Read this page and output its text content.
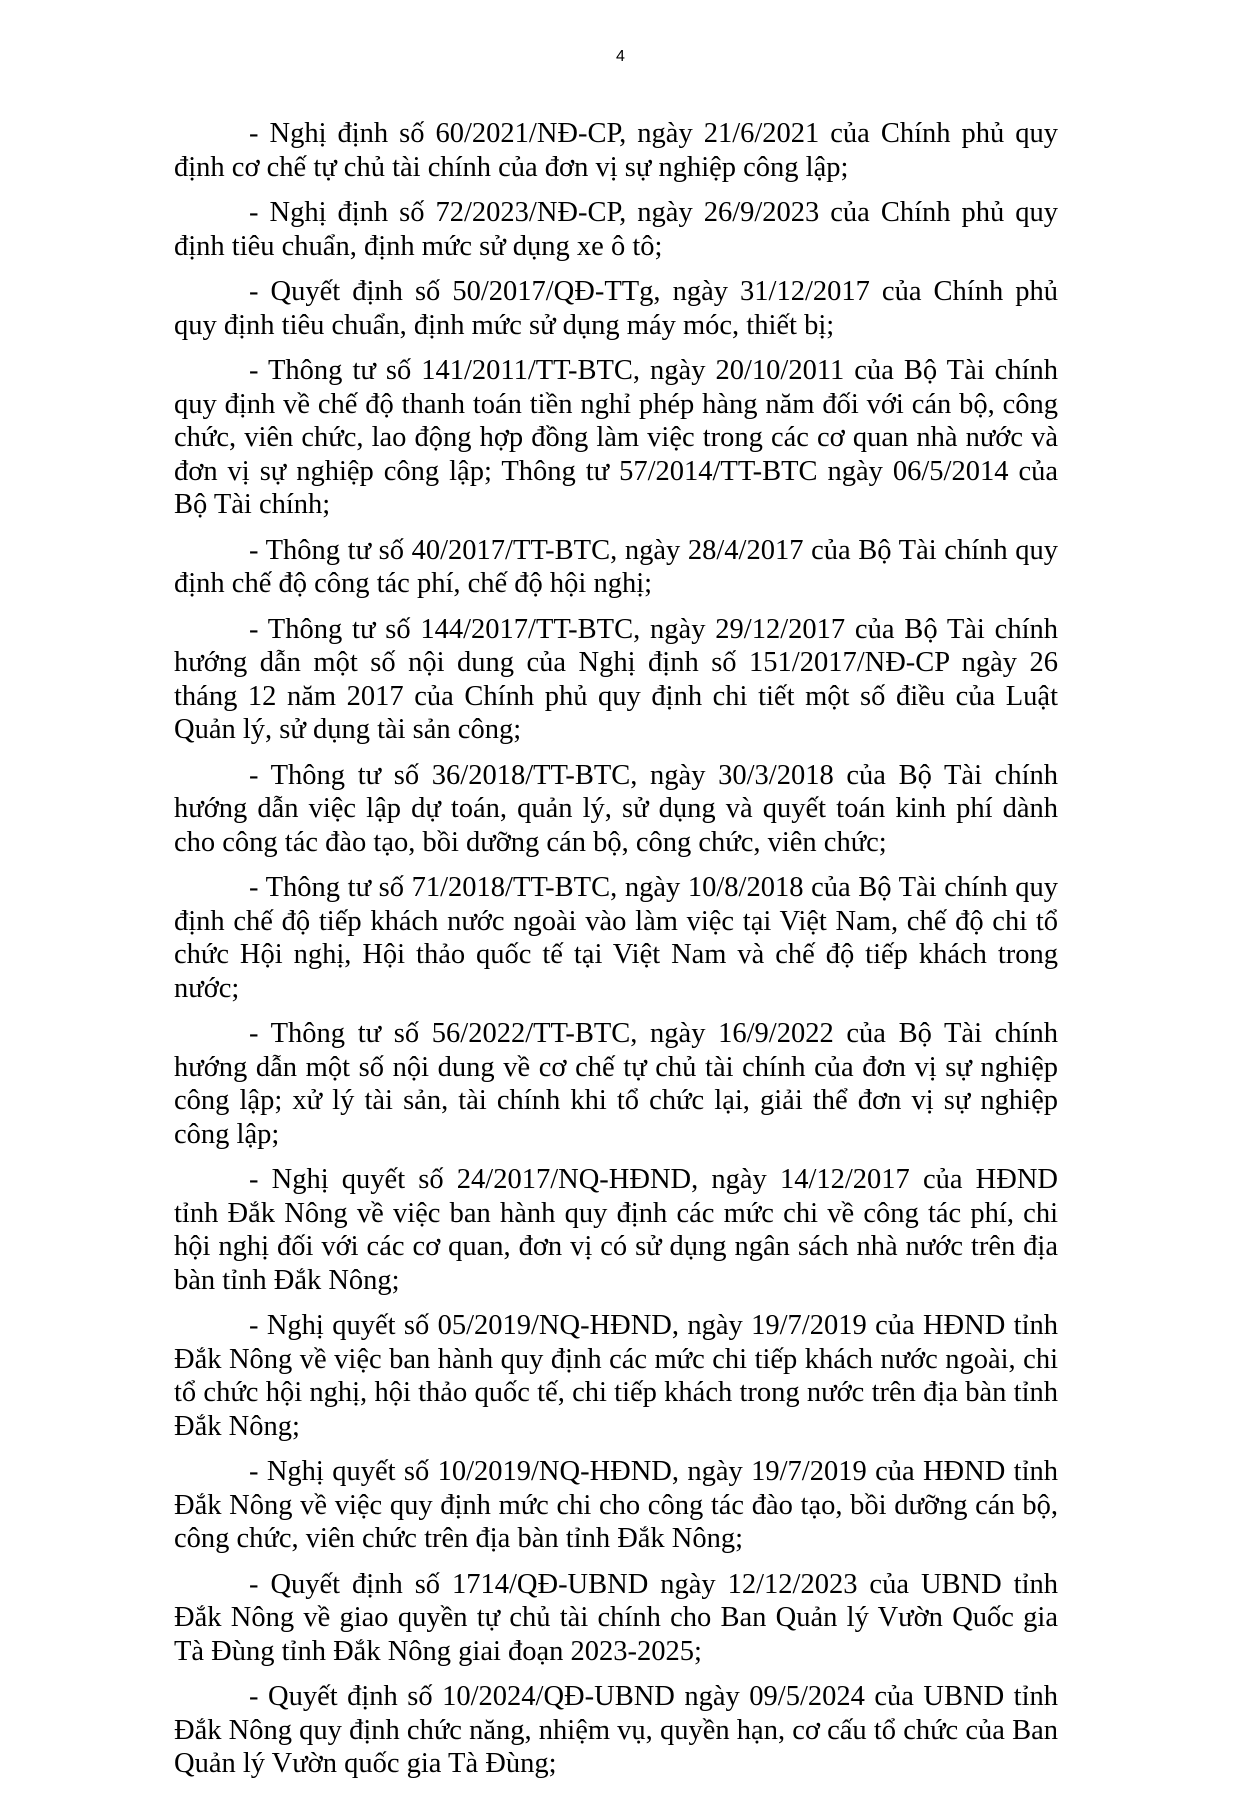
4

- Nghị định số 60/2021/NĐ-CP, ngày 21/6/2021 của Chính phủ quy định cơ chế tự chủ tài chính của đơn vị sự nghiệp công lập;

- Nghị định số 72/2023/NĐ-CP, ngày 26/9/2023 của Chính phủ quy định tiêu chuẩn, định mức sử dụng xe ô tô;

- Quyết định số 50/2017/QĐ-TTg, ngày 31/12/2017 của Chính phủ quy định tiêu chuẩn, định mức sử dụng máy móc, thiết bị;

- Thông tư số 141/2011/TT-BTC, ngày 20/10/2011 của Bộ Tài chính quy định về chế độ thanh toán tiền nghỉ phép hàng năm đối với cán bộ, công chức, viên chức, lao động hợp đồng làm việc trong các cơ quan nhà nước và đơn vị sự nghiệp công lập; Thông tư 57/2014/TT-BTC ngày 06/5/2014 của Bộ Tài chính;

- Thông tư số 40/2017/TT-BTC, ngày 28/4/2017 của Bộ Tài chính quy định chế độ công tác phí, chế độ hội nghị;

- Thông tư số 144/2017/TT-BTC, ngày 29/12/2017 của Bộ Tài chính hướng dẫn một số nội dung của Nghị định số 151/2017/NĐ-CP ngày 26 tháng 12 năm 2017 của Chính phủ quy định chi tiết một số điều của Luật Quản lý, sử dụng tài sản công;

- Thông tư số 36/2018/TT-BTC, ngày 30/3/2018 của Bộ Tài chính hướng dẫn việc lập dự toán, quản lý, sử dụng và quyết toán kinh phí dành cho công tác đào tạo, bồi dưỡng cán bộ, công chức, viên chức;

- Thông tư số 71/2018/TT-BTC, ngày 10/8/2018 của Bộ Tài chính quy định chế độ tiếp khách nước ngoài vào làm việc tại Việt Nam, chế độ chi tổ chức Hội nghị, Hội thảo quốc tế tại Việt Nam và chế độ tiếp khách trong nước;

- Thông tư số 56/2022/TT-BTC, ngày 16/9/2022 của Bộ Tài chính hướng dẫn một số nội dung về cơ chế tự chủ tài chính của đơn vị sự nghiệp công lập; xử lý tài sản, tài chính khi tổ chức lại, giải thể đơn vị sự nghiệp công lập;

- Nghị quyết số 24/2017/NQ-HĐND, ngày 14/12/2017 của HĐND tỉnh Đắk Nông về việc ban hành quy định các mức chi về công tác phí, chi hội nghị đối với các cơ quan, đơn vị có sử dụng ngân sách nhà nước trên địa bàn tỉnh Đắk Nông;

- Nghị quyết số 05/2019/NQ-HĐND, ngày 19/7/2019 của HĐND tỉnh Đắk Nông về việc ban hành quy định các mức chi tiếp khách nước ngoài, chi tổ chức hội nghị, hội thảo quốc tế, chi tiếp khách trong nước trên địa bàn tỉnh Đắk Nông;

- Nghị quyết số 10/2019/NQ-HĐND, ngày 19/7/2019 của HĐND tỉnh Đắk Nông về việc quy định mức chi cho công tác đào tạo, bồi dưỡng cán bộ, công chức, viên chức trên địa bàn tỉnh Đắk Nông;

- Quyết định số 1714/QĐ-UBND ngày 12/12/2023 của UBND tỉnh Đắk Nông về giao quyền tự chủ tài chính cho Ban Quản lý Vườn Quốc gia Tà Đùng tỉnh Đắk Nông giai đoạn 2023-2025;

- Quyết định số 10/2024/QĐ-UBND ngày 09/5/2024 của UBND tỉnh Đắk Nông quy định chức năng, nhiệm vụ, quyền hạn, cơ cấu tổ chức của Ban Quản lý Vườn quốc gia Tà Đùng;
